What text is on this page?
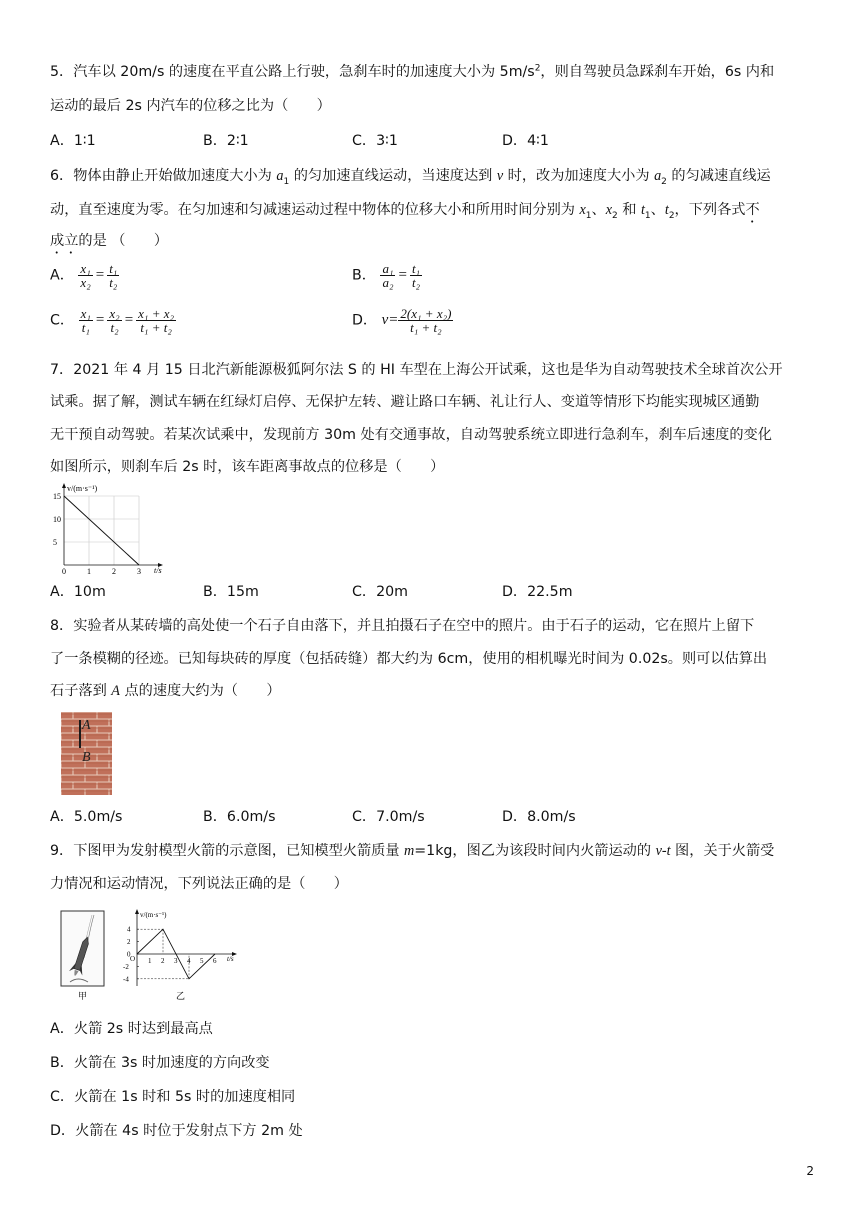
5．汽车以 20m/s 的速度在平直公路上行驶，急刹车时的加速度大小为 $5m/s^2$，则自驾驶员急踩刹车开始，6s 内和
运动的最后 2s 内汽车的位移之比为（　　）
A．1∶1	B．2∶1	C．3∶1	D．4∶1
6．物体由静止开始做加速度大小为 $a_1$ 的匀加速直线运动，当速度达到 v 时，改为加速度大小为 $a_2$ 的匀减速直线运
动，直至速度为零。在匀加速和匀减速运动过程中物体的位移大小和所用时间分别为 $x_1$、$x_2$ 和 $t_1$、$t_2$，下列各式不
成立的是 （　　）
A． $\frac{\text{x₁}}{\text{x₂}} = \frac{\text{t₁}}{\text{t₂}}$	B． $\frac{\text{a₁}}{\text{a₂}} = \frac{\text{t₁}}{\text{t₂}}$
C． $\frac{\text{x₁}}{\text{t₁}} = \frac{\text{x₂}}{\text{t₂}} = \frac{\text{x₁ + x₂}}{\text{t₁ + t₂}}$	D． $v= \frac{\text{2(x₁ + x₂)}}{\text{t₁ + t₂}}$
7．2021 年 4 月 15 日北汽新能源极狐阿尔法 S 的 HI 车型在上海公开试乘，这也是华为自动驾驶技术全球首次公开
试乘。据了解，测试车辆在红绿灯启停、无保护左转、避让路口车辆、礼让行人、变道等情形下均能实现城区通勤
无干预自动驾驶。若某次试乘中，发现前方 30m 处有交通事故，自动驾驶系统立即进行急刹车，刹车后速度的变化
如图所示，则刹车后 2s 时，该车距离事故点的位移是（　　）
v/(m·s⁻¹)
t/s
5
10
15
0	1	2	3
A．10m	B．15m	C．20m	D．22.5m
8．实验者从某砖墙的高处使一个石子自由落下，并且拍摄石子在空中的照片。由于石子的运动，它在照片上留下
了一条模糊的径迹。已知每块砖的厚度（包括砖缝）都大约为 6cm，使用的相机曝光时间为 0.02s。则可以估算出
石子落到 A 点的速度大约为（　　）
A
B
A．5.0m/s	B．6.0m/s	C．7.0m/s	D．8.0m/s
9．下图甲为发射模型火箭的示意图，已知模型火箭质量 m=1kg，图乙为该段时间内火箭运动的 v-t 图，关于火箭受
力情况和运动情况，下列说法正确的是（　　）
甲
v/(m·s⁻¹)
t/s
O
4
2
0
-2
-4
1 2 3 4 5 6
乙
A．火箭 2s 时达到最高点
B．火箭在 3s 时加速度的方向改变
C．火箭在 1s 时和 5s 时的加速度相同
D．火箭在 4s 时位于发射点下方 2m 处
2
